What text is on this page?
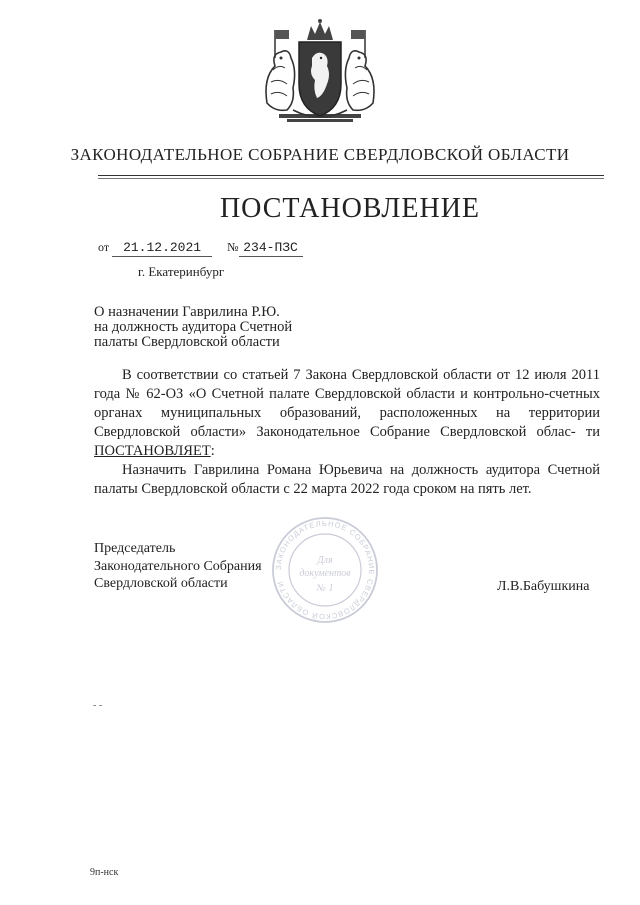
ЗАКОНОДАТЕЛЬНОЕ СОБРАНИЕ СВЕРДЛОВСКОЙ ОБЛАСТИ
ПОСТАНОВЛЕНИЕ
от 21.12.2021 № 234-ПЗС
г. Екатеринбург
О назначении Гаврилина Р.Ю.
на должность аудитора Счетной
палаты Свердловской области
В соответствии со статьей 7 Закона Свердловской области от 12 июля 2011 года № 62-ОЗ «О Счетной палате Свердловской области и контрольно-счетных органах муниципальных образований, расположенных на территории Свердловской области» Законодательное Собрание Свердловской облас- ти ПОСТАНОВЛЯЕТ:
Назначить Гаврилина Романа Юрьевича на должность аудитора Счетной палаты Свердловской области с 22 марта 2022 года сроком на пять лет.
ЗАКОНОДАТЕЛЬНОЕ СОБРАНИЕ СВЕРДЛОВСКОЙ ОБЛАСТИ
Для
документов
№ 1
Председатель
Законодательного Собрания
Свердловской области	Л.В.Бабушкина
- -
9п-нск
